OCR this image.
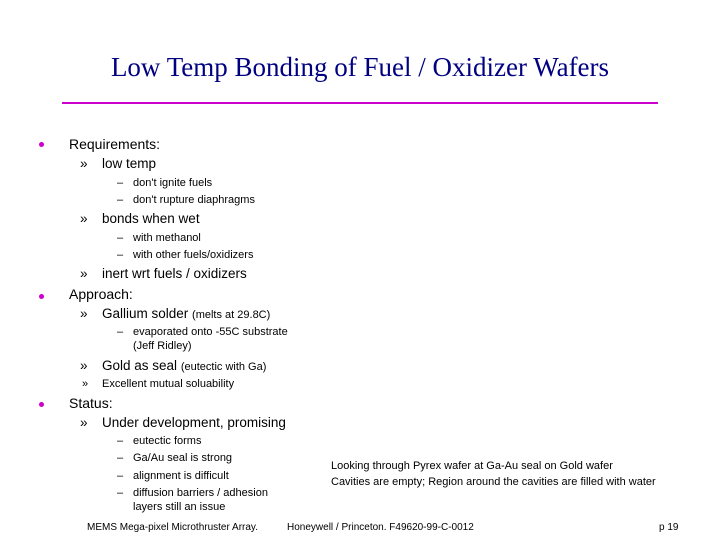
Low Temp Bonding of Fuel / Oxidizer Wafers
Requirements:
» low temp
– don't ignite fuels
– don't rupture diaphragms
» bonds when wet
– with methanol
– with other fuels/oxidizers
» inert wrt fuels / oxidizers
Approach:
» Gallium solder (melts at 29.8C)
– evaporated onto -55C substrate
(Jeff Ridley)
» Gold as seal (eutectic with Ga)
» Excellent mutual soluability
Status:
» Under development, promising
– eutectic forms
– Ga/Au seal is strong
– alignment is difficult
– diffusion barriers / adhesion
layers still an issue
Looking through Pyrex wafer at Ga-Au seal on Gold wafer
Cavities are empty; Region around the cavities are filled with water
MEMS Mega-pixel Microthruster Array.	Honeywell / Princeton. F49620-99-C-0012	p 19
